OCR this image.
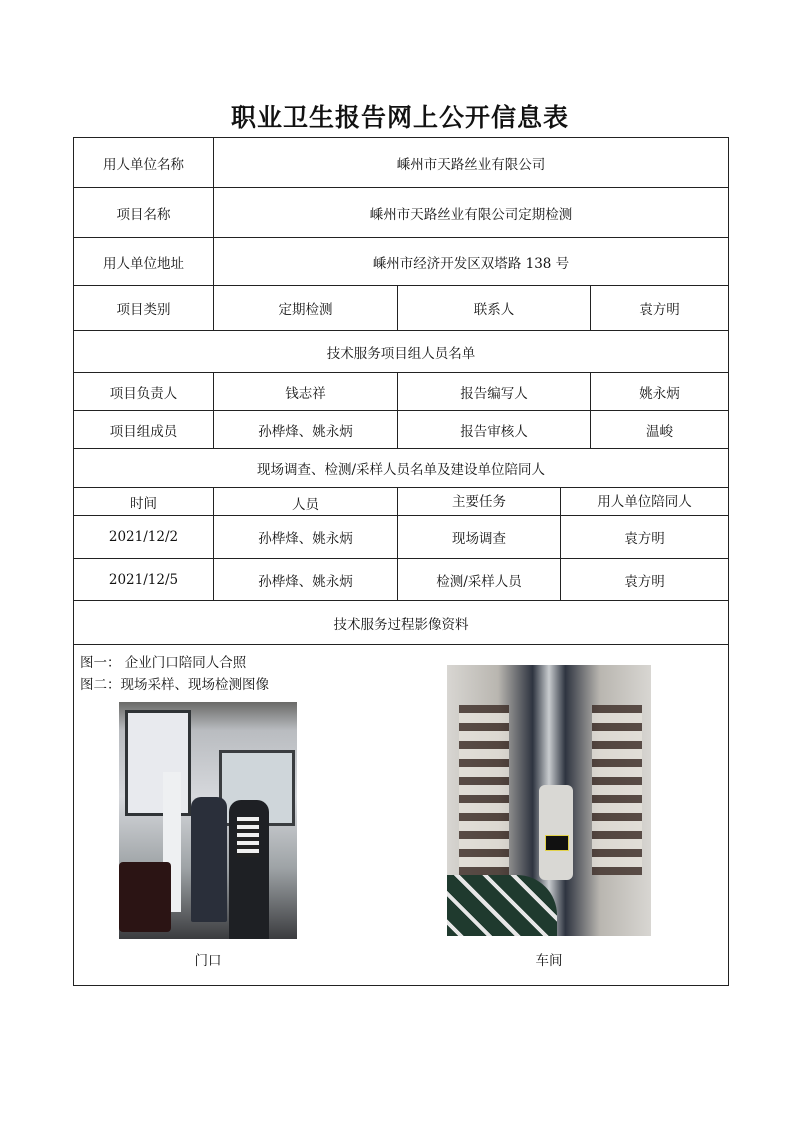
职业卫生报告网上公开信息表
用人单位名称	嵊州市天路丝业有限公司
项目名称	嵊州市天路丝业有限公司定期检测
用人单位地址	嵊州市经济开发区双塔路 138 号
项目类别	定期检测	联系人	袁方明
技术服务项目组人员名单
项目负责人	钱志祥	报告编写人	姚永炳
项目组成员	孙桦烽、姚永炳	报告审核人	温峻
现场调查、检测/采样人员名单及建设单位陪同人
时间	人员	主要任务	用人单位陪同人
2021/12/2	孙桦烽、姚永炳	现场调查	袁方明
2021/12/5	孙桦烽、姚永炳	检测/采样人员	袁方明
技术服务过程影像资料
图一： 企业门口陪同人合照
图二：现场采样、现场检测图像
门口	车间
